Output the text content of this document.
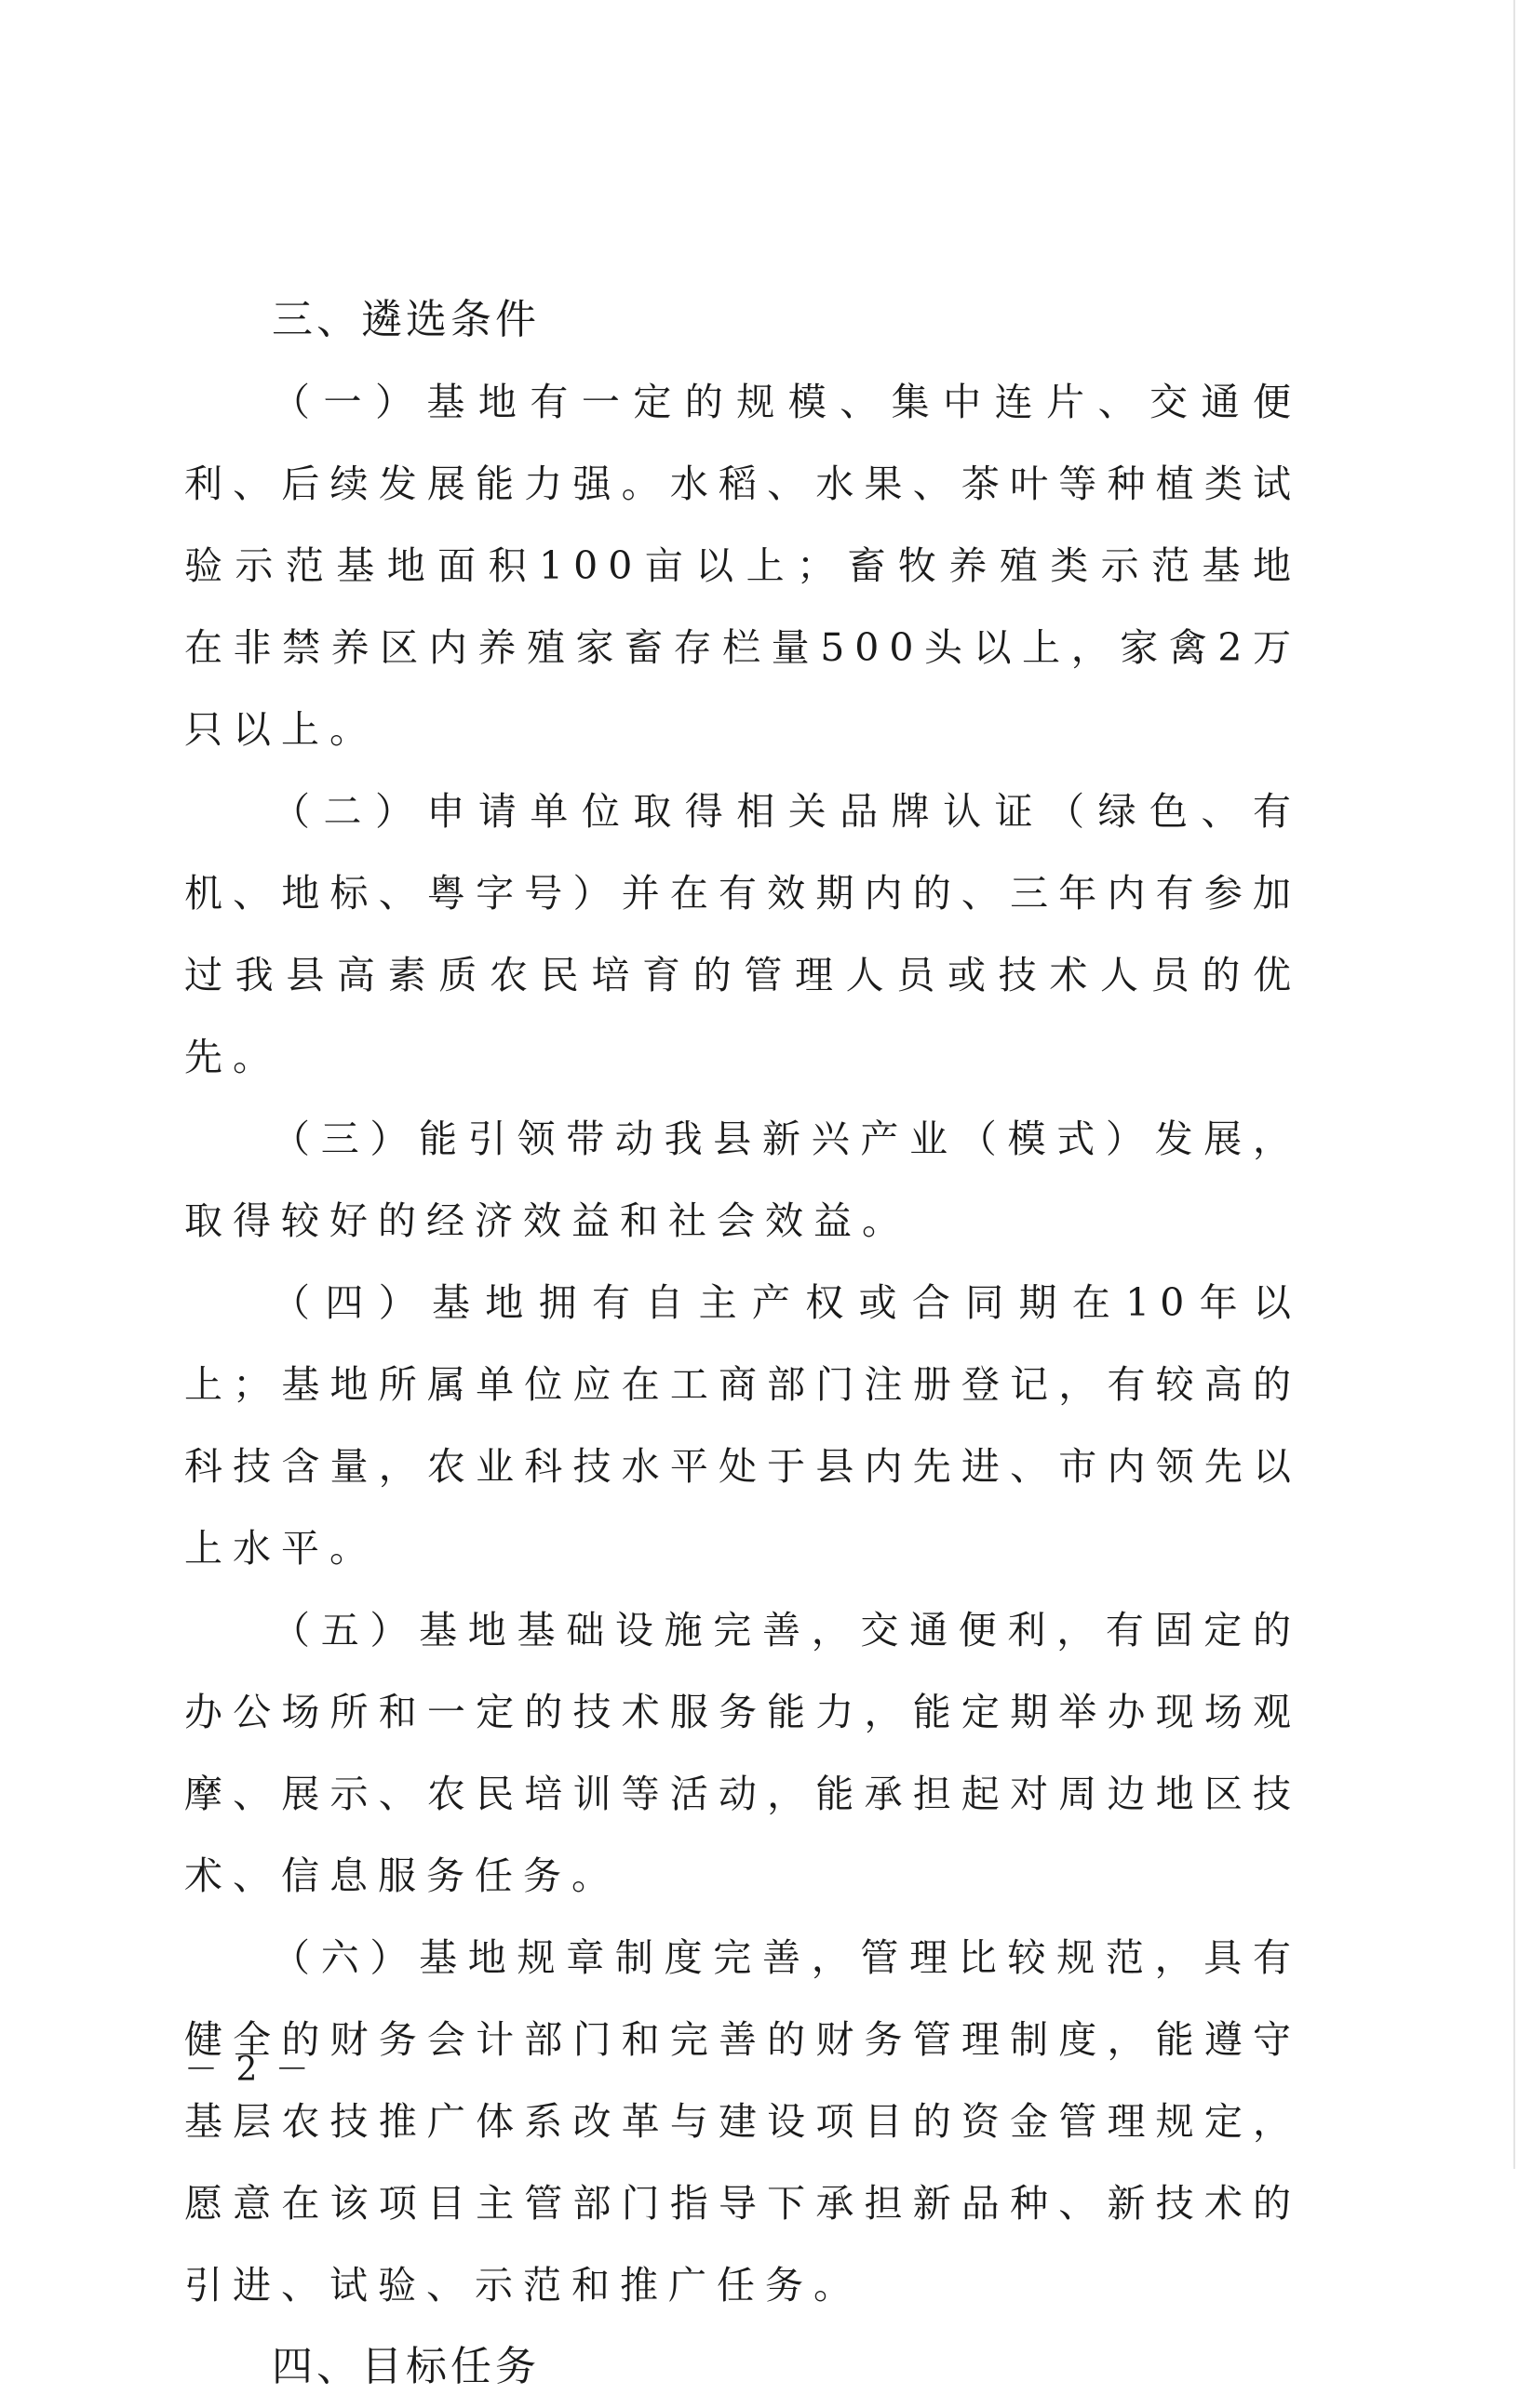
三、遴选条件

（一）基地有一定的规模、集中连片、交通便利、后续发展能力强。水稻、水果、茶叶等种植类试验示范基地面积100亩以上；畜牧养殖类示范基地在非禁养区内养殖家畜存栏量500头以上，家禽2万只以上。

（二）申请单位取得相关品牌认证（绿色、有机、地标、粤字号）并在有效期内的、三年内有参加过我县高素质农民培育的管理人员或技术人员的优先。

（三）能引领带动我县新兴产业（模式）发展，取得较好的经济效益和社会效益。

（四）基地拥有自主产权或合同期在10年以上；基地所属单位应在工商部门注册登记，有较高的科技含量，农业科技水平处于县内先进、市内领先以上水平。

（五）基地基础设施完善，交通便利，有固定的办公场所和一定的技术服务能力，能定期举办现场观摩、展示、农民培训等活动，能承担起对周边地区技术、信息服务任务。

（六）基地规章制度完善，管理比较规范，具有健全的财务会计部门和完善的财务管理制度，能遵守基层农技推广体系改革与建设项目的资金管理规定，愿意在该项目主管部门指导下承担新品种、新技术的引进、试验、示范和推广任务。

四、目标任务
－ 2 －
